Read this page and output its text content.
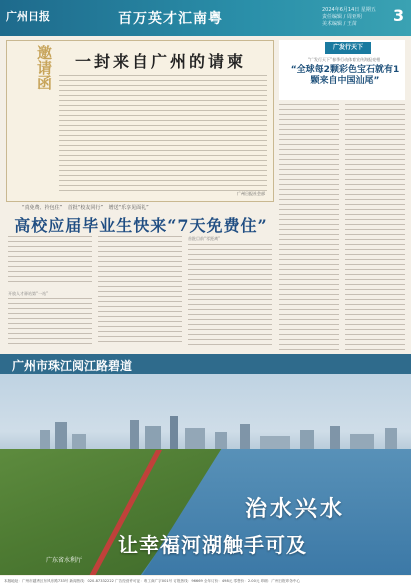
广州日报	百万英才汇南粤
2024年6月14日 星期五
责任编辑 / 周亚明
美术编辑 / 王苗	3
邀请函 一封来自广州的请柬
广州日报社会部
广发行天下
“广发行天下”春季行动体育宣传海报亮相
“全球每2颗彩色宝石就有1颗来自中国汕尾”
“真免费、拎包住” 首批“校友同行” 增送“乐享见面礼”
高校应届毕业生快来“7天免费住”
开放人才驿站第“一站”
首批目前“零距离”
广州市珠江阅江路碧道
治水兴水
让幸福河湖触手可及
广东省水利厅
本版地址：广州市越秀区东风东路733号 新闻热线：020-87332222 广告经营许可证：粤工商广字001号 订报热线：96669 全年订价：498元 零售价：2.00元 印刷：广州日报印务中心
